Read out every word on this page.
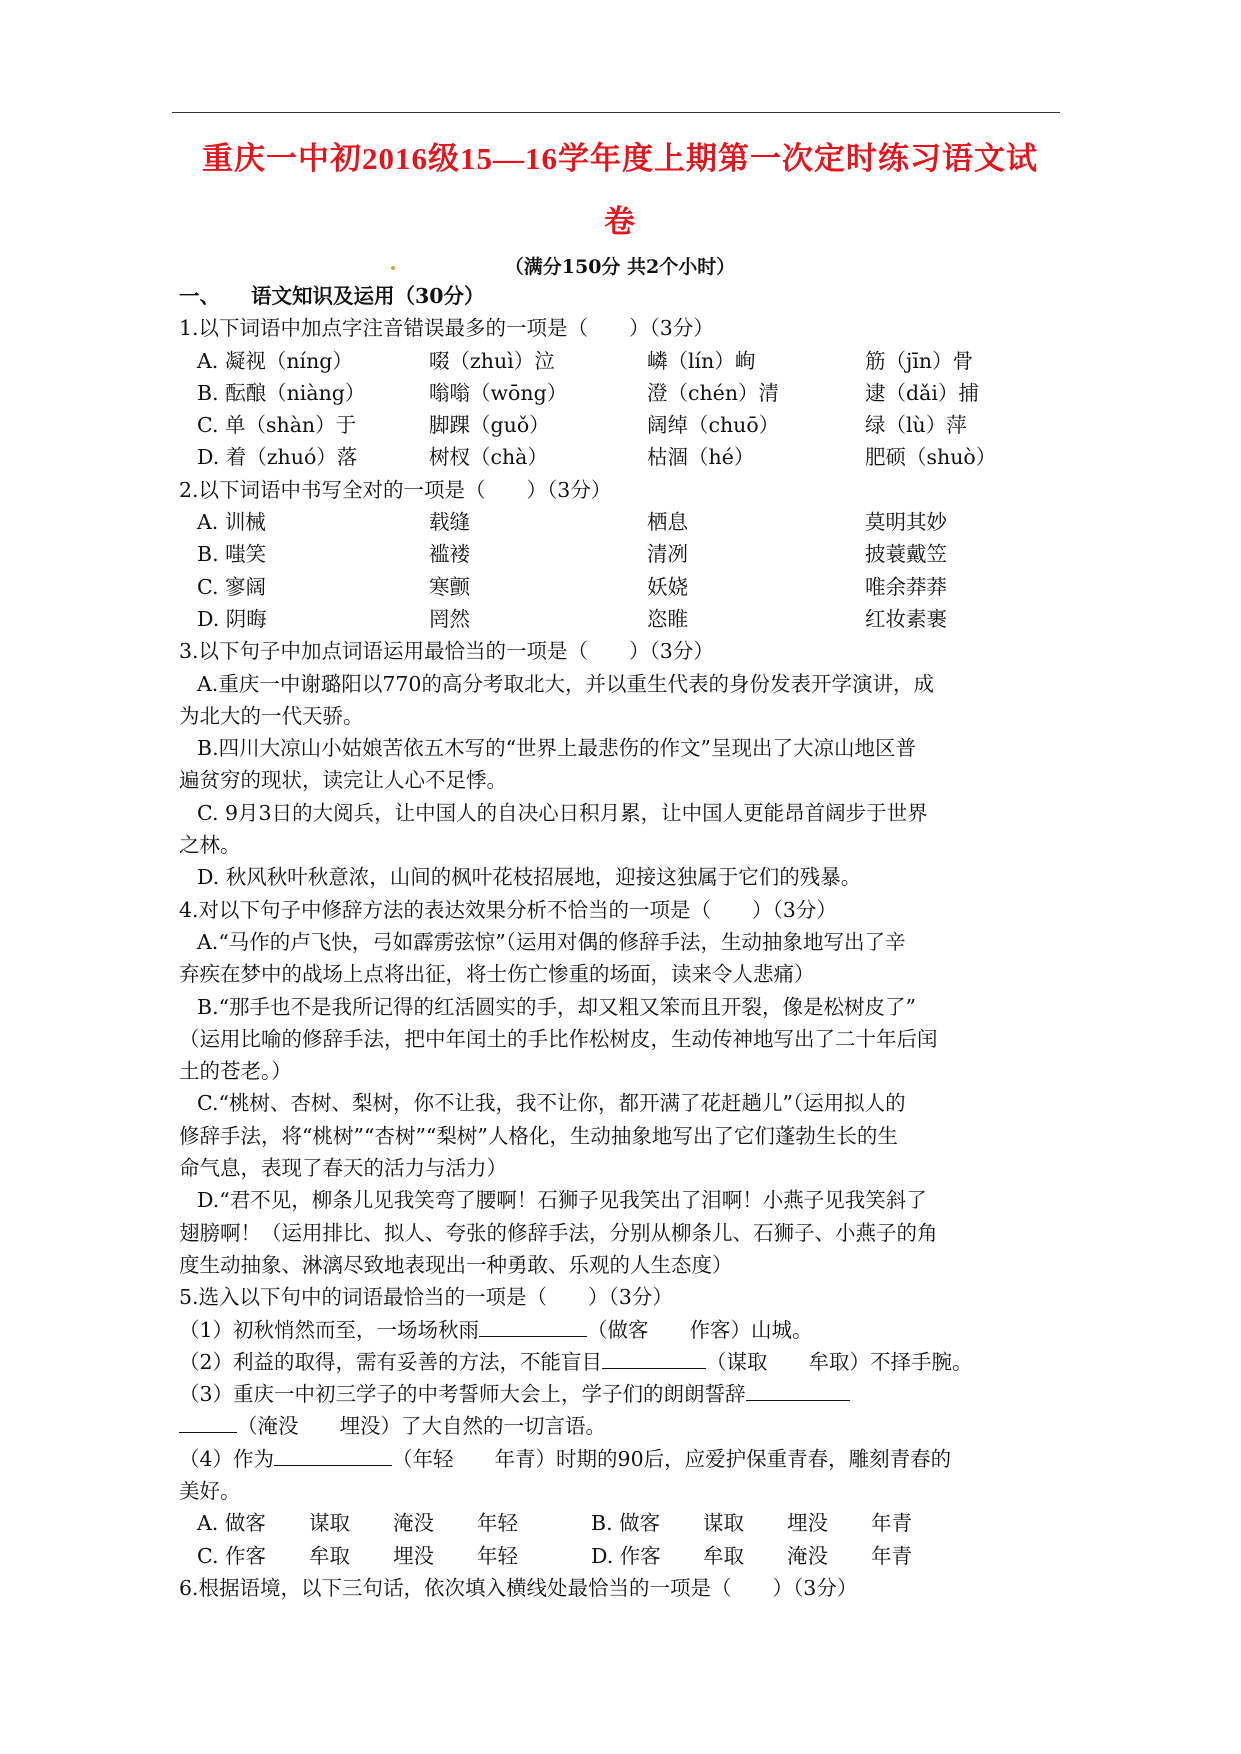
重庆一中初2016级15—16学年度上期第一次定时练习语文试
卷
（满分150分 共2个小时）
一、 语文知识及运用（30分）
1.以下词语中加点字注音错误最多的一项是（　　）（3分）
A. 凝视（níng）	啜（zhuì）泣	嶙（lín）峋	筋（jīn）骨
B. 酝酿（niàng）	嗡嗡（wōng）	澄（chén）清	逮（dǎi）捕
C. 单（shàn）于	脚踝（guǒ）	阔绰（chuō）	绿（lù）萍
D. 着（zhuó）落	树杈（chà）	枯涸（hé）	肥硕（shuò）
2.以下词语中书写全对的一项是（　　）（3分）
A. 训械	载缝	栖息	莫明其妙
B. 嗤笑	褴褛	清冽	披蓑戴笠
C. 寥阔	寒颤	妖娆	唯余莽莽
D. 阴晦	罔然	恣睢	红妆素裹
3.以下句子中加点词语运用最恰当的一项是（　　）（3分）
A.重庆一中谢璐阳以770的高分考取北大，并以重生代表的身份发表开学演讲，成
为北大的一代天骄。
B.四川大凉山小姑娘苦依五木写的“世界上最悲伤的作文”呈现出了大凉山地区普
遍贫穷的现状，读完让人心不足悸。
C. 9月3日的大阅兵，让中国人的自决心日积月累，让中国人更能昂首阔步于世界
之林。
D. 秋风秋叶秋意浓，山间的枫叶花枝招展地，迎接这独属于它们的残暴。
4.对以下句子中修辞方法的表达效果分析不恰当的一项是（　　）（3分）
A.“马作的卢飞快，弓如霹雳弦惊”（运用对偶的修辞手法，生动抽象地写出了辛
弃疾在梦中的战场上点将出征，将士伤亡惨重的场面，读来令人悲痛）
B.“那手也不是我所记得的红活圆实的手，却又粗又笨而且开裂，像是松树皮了”
（运用比喻的修辞手法，把中年闰土的手比作松树皮，生动传神地写出了二十年后闰
土的苍老。）
C.“桃树、杏树、梨树，你不让我，我不让你，都开满了花赶趟儿”（运用拟人的
修辞手法，将“桃树”“杏树”“梨树”人格化，生动抽象地写出了它们蓬勃生长的生
命气息，表现了春天的活力与活力）
D.“君不见，柳条儿见我笑弯了腰啊！石狮子见我笑出了泪啊！小燕子见我笑斜了
翅膀啊！（运用排比、拟人、夸张的修辞手法，分别从柳条儿、石狮子、小燕子的角
度生动抽象、淋漓尽致地表现出一种勇敢、乐观的人生态度）
5.选入以下句中的词语最恰当的一项是（　　）（3分）
（1）初秋悄然而至，一场场秋雨	（做客　　作客）山城。
（2）利益的取得，需有妥善的方法，不能盲目	（谋取　　牟取）不择手腕。
（3）重庆一中初三学子的中考誓师大会上，学子们的朗朗誓辞
（淹没　　埋没）了大自然的一切言语。
（4）作为	（年轻　　年青）时期的90后，应爱护保重青春，雕刻青春的
美好。
A. 做客 谋取 淹没 年轻	B. 做客 谋取 埋没 年青
C. 作客 牟取 埋没 年轻	D. 作客 牟取 淹没 年青
6.根据语境，以下三句话，依次填入横线处最恰当的一项是（　　）（3分）
